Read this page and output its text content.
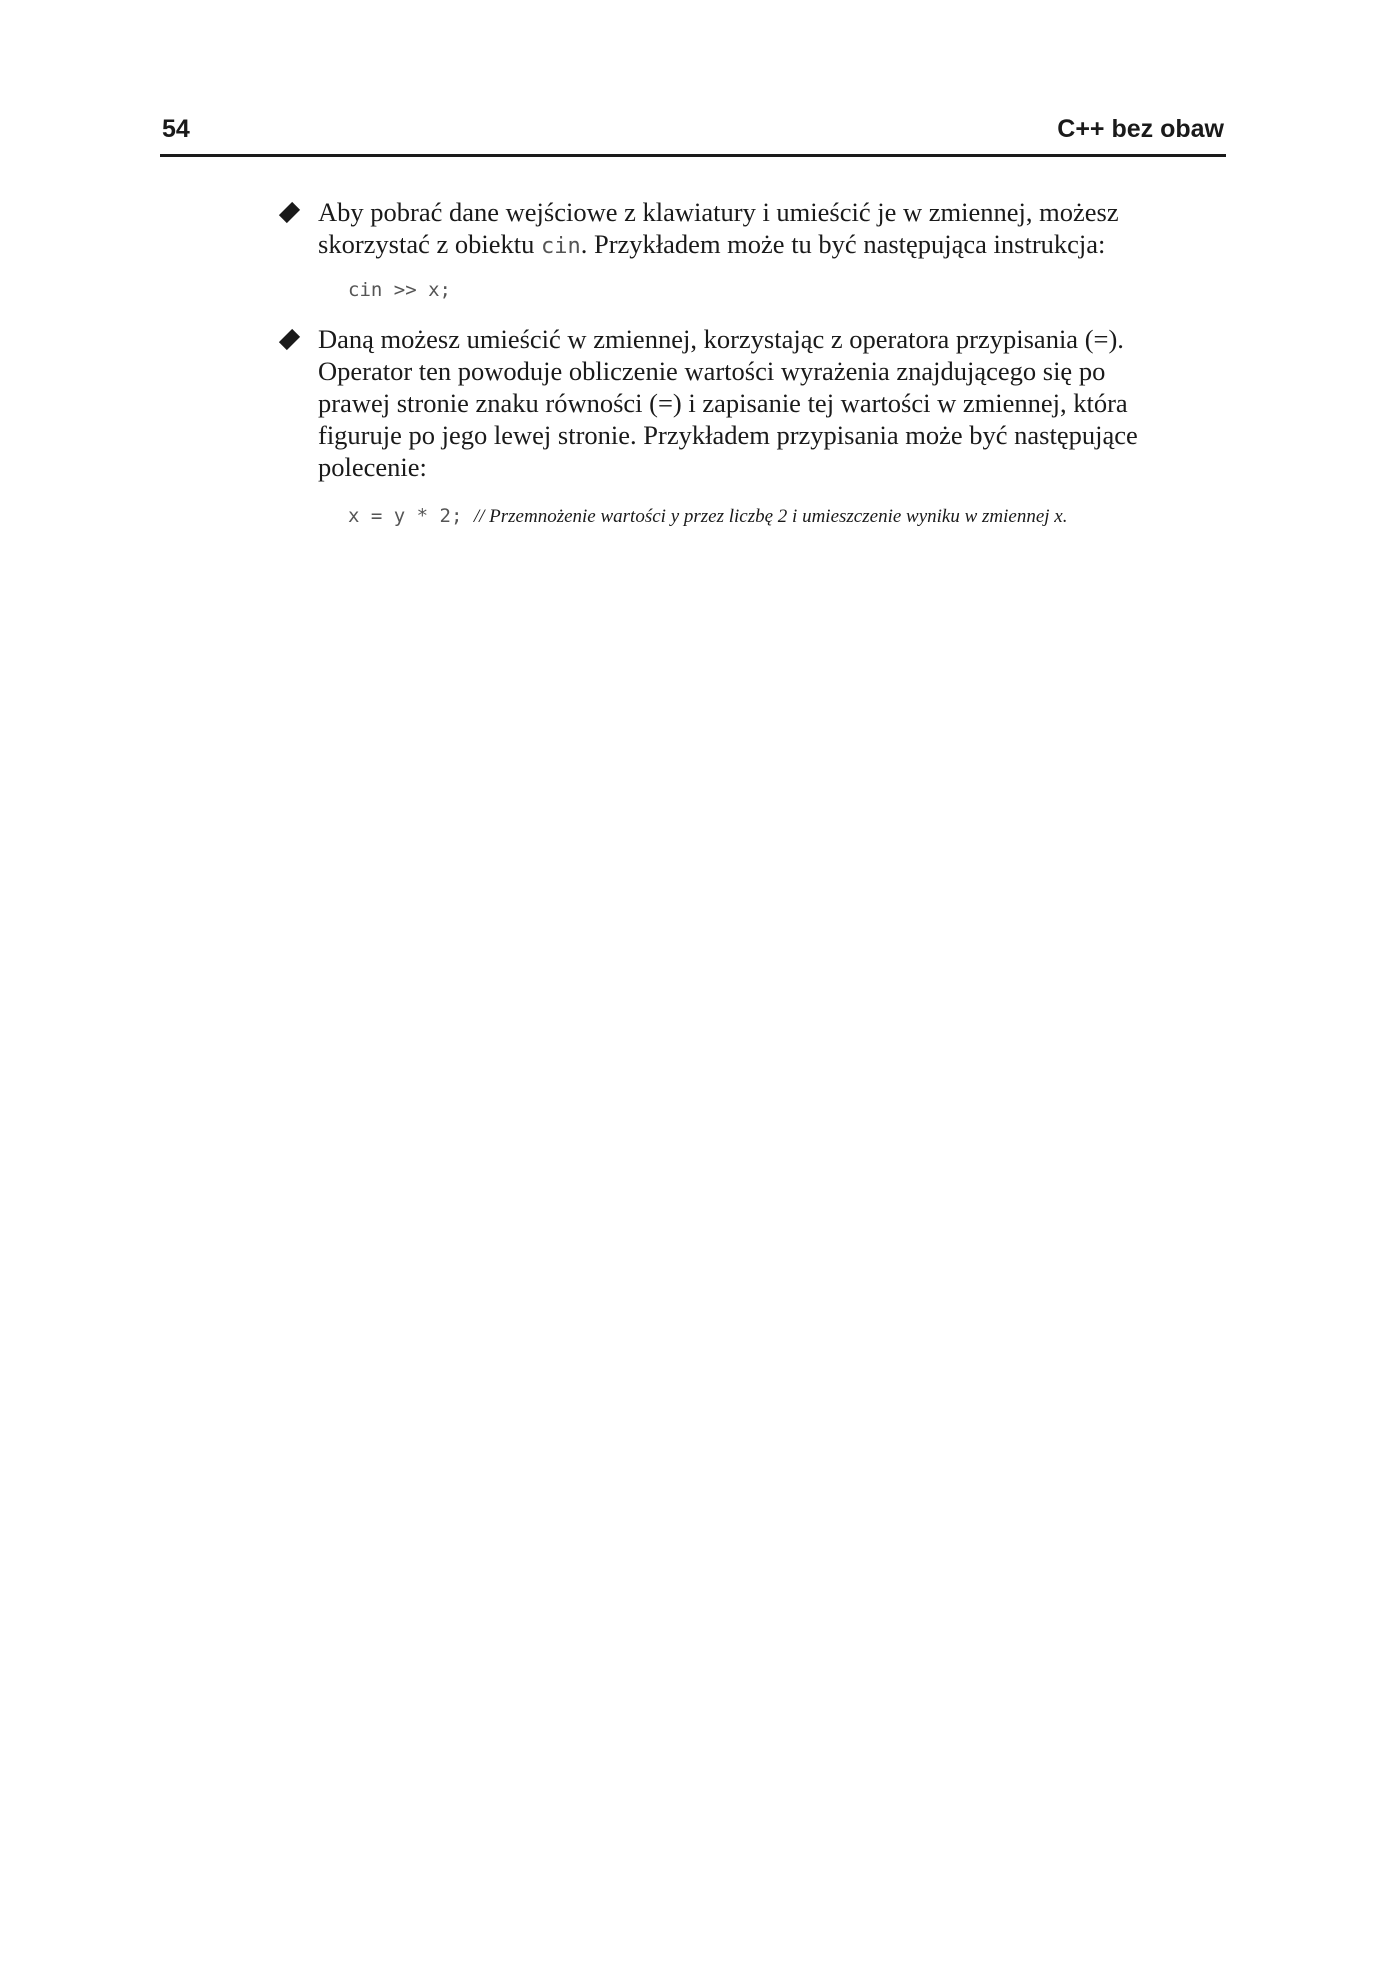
54	C++ bez obaw
Aby pobrać dane wejściowe z klawiatury i umieścić je w zmiennej, możesz skorzystać z obiektu cin. Przykładem może tu być następująca instrukcja:
cin >> x;
Daną możesz umieścić w zmiennej, korzystając z operatora przypisania (=). Operator ten powoduje obliczenie wartości wyrażenia znajdującego się po prawej stronie znaku równości (=) i zapisanie tej wartości w zmiennej, która figuruje po jego lewej stronie. Przykładem przypisania może być następujące polecenie:
x = y * 2; // Przemnożenie wartości y przez liczbę 2 i umieszczenie wyniku w zmiennej x.
